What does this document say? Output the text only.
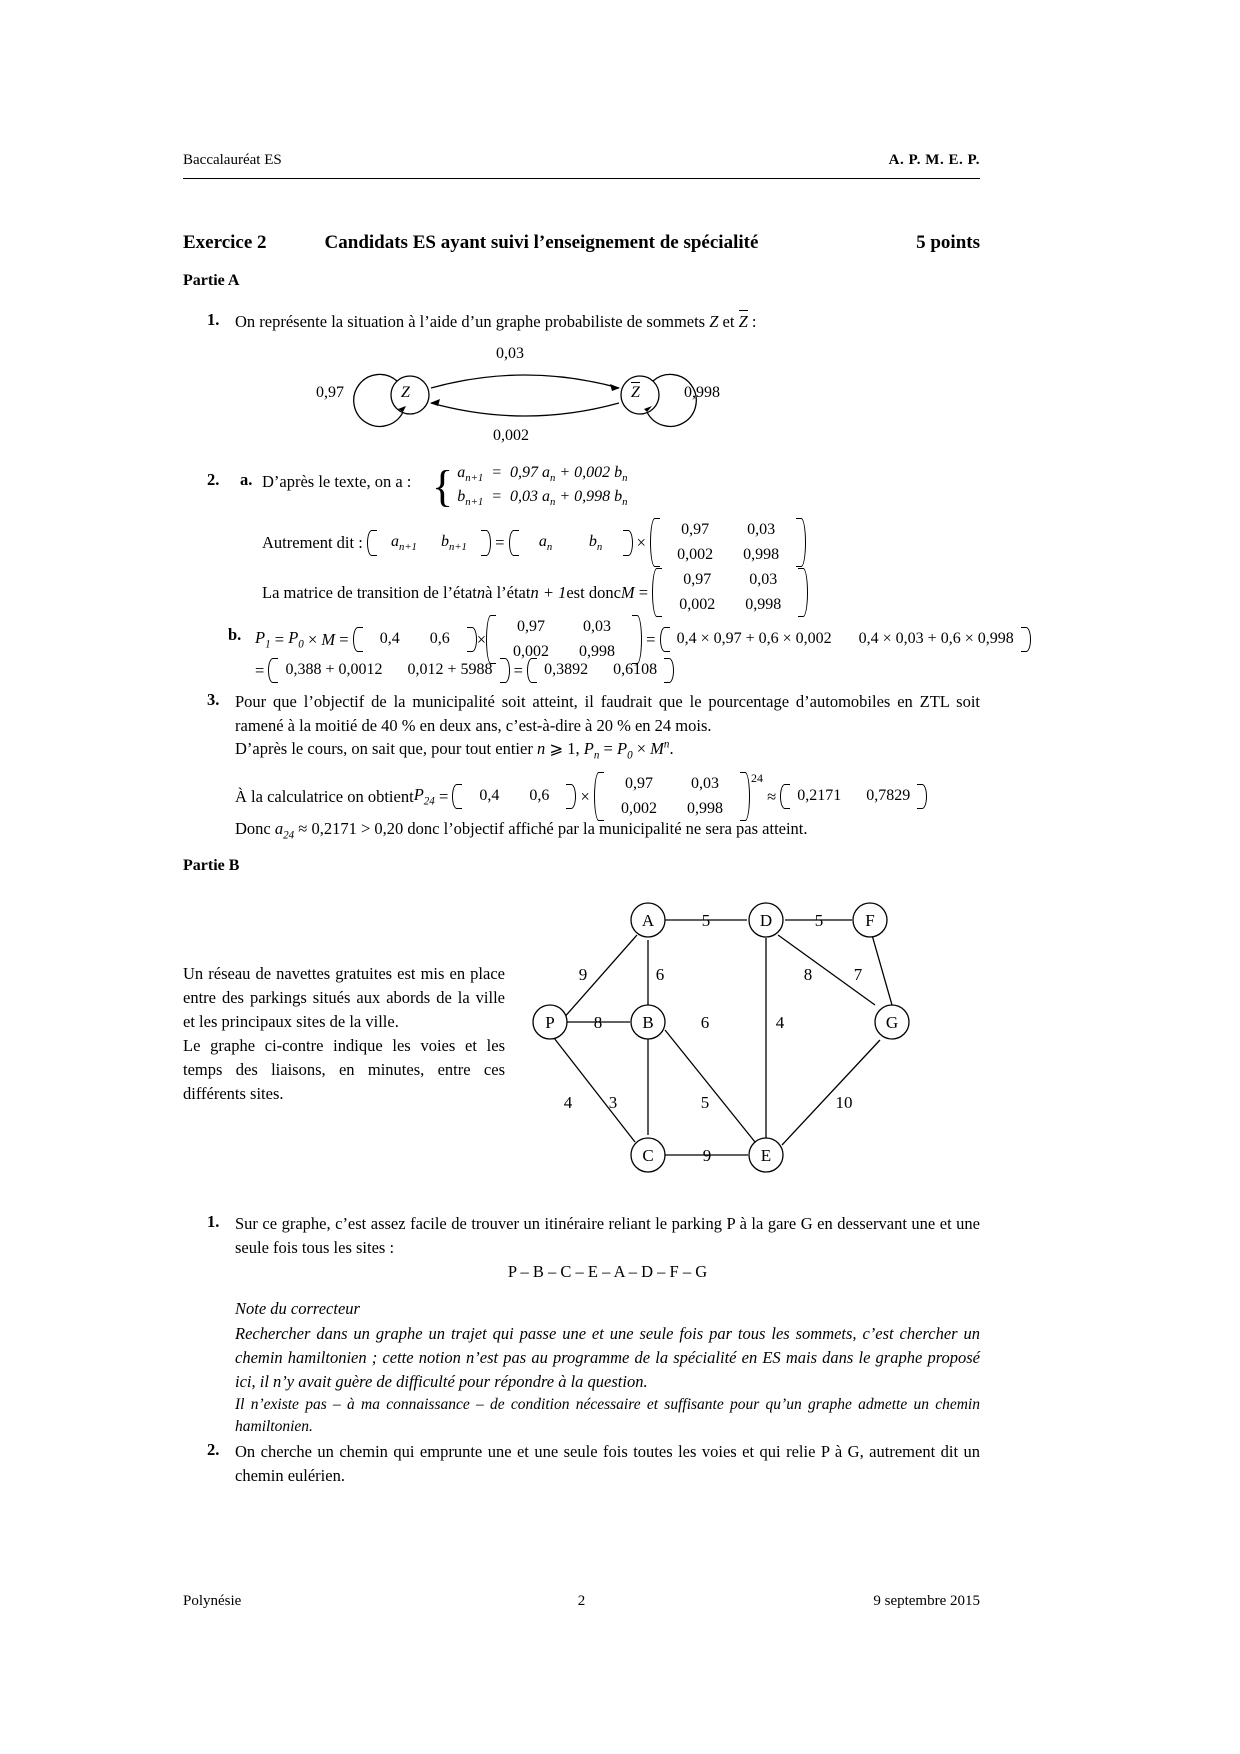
Baccalauréat ES	A. P. M. E. P.
Exercice 2	Candidats ES ayant suivi l’enseignement de spécialité	5 points
Partie A
1. On représente la situation à l’aide d’un graphe probabiliste de sommets Z et Z :
Z	Z
0,97	0,998
0,03
0,002
2. a. D’après le texte, on a : { $a_{n+1} = 0,97$ $a_n + 0,002$ $b_n$
$b_{n+1} = 0,03$ $a_n + 0,998$ $b_n$
Autrement dit :
	$a_{n+1}$	$b_{n+1}$	=	$a_n$	$b_n$	×
0,97	0,03
0,002	0,998
La matrice de transition de l’état n à l’état n + 1 est donc M =
0,97	0,03
0,002	0,998
b. $P_1 = P_0 \times M$ =	0,4	0,6	×
0,97	0,03
0,002	0,998
=	0,4 × 0,97 + 0,6 × 0,002	0,4 × 0,03 + 0,6 × 0,998
=	0,388 + 0,0012	0,012 + 5988	=	0,3892	0,6108
3. Pour que l’objectif de la municipalité soit atteint, il faudrait que le pourcentage d’automobiles en ZTL soit ramené à la moitié de 40 % en deux ans, c’est-à-dire à 20 % en 24 mois.
D’après le cours, on sait que, pour tout entier n ⩾ 1, $P_n = P_0 \times M^n$.
À la calculatrice on obtient $P_{24}$ =	0,4	0,6	×
0,97	0,03
0,002	0,998
24
≈	0,2171	0,7829
Donc $a_{24} \approx 0,2171 > 0,20$ donc l’objectif affiché par la municipalité ne sera pas atteint.
Partie B
Un réseau de navettes gratuites est mis en place entre des parkings situés aux abords de la ville et les principaux sites de la ville.
Le graphe ci-contre indique les voies et les temps des liaisons, en minutes, entre ces différents sites.
A	D	F
P	B	G
C	E
5	5
9	6	8 7
8	6	4
4 3	5	10
9
1. Sur ce graphe, c’est assez facile de trouver un itinéraire reliant le parking P à la gare G en desservant une et une seule fois tous les sites :
P – B – C – E – A – D – F – G
Note du correcteur
Rechercher dans un graphe un trajet qui passe une et une seule fois par tous les sommets, c’est chercher un chemin hamiltonien ; cette notion n’est pas au programme de la spécialité en ES mais dans le graphe proposé ici, il n’y avait guère de difficulté pour répondre à la question.
Il n’existe pas – à ma connaissance – de condition nécessaire et suffisante pour qu’un graphe admette un chemin hamiltonien.
2. On cherche un chemin qui emprunte une et une seule fois toutes les voies et qui relie P à G, autrement dit un chemin eulérien.
Polynésie	2	9 septembre 2015
